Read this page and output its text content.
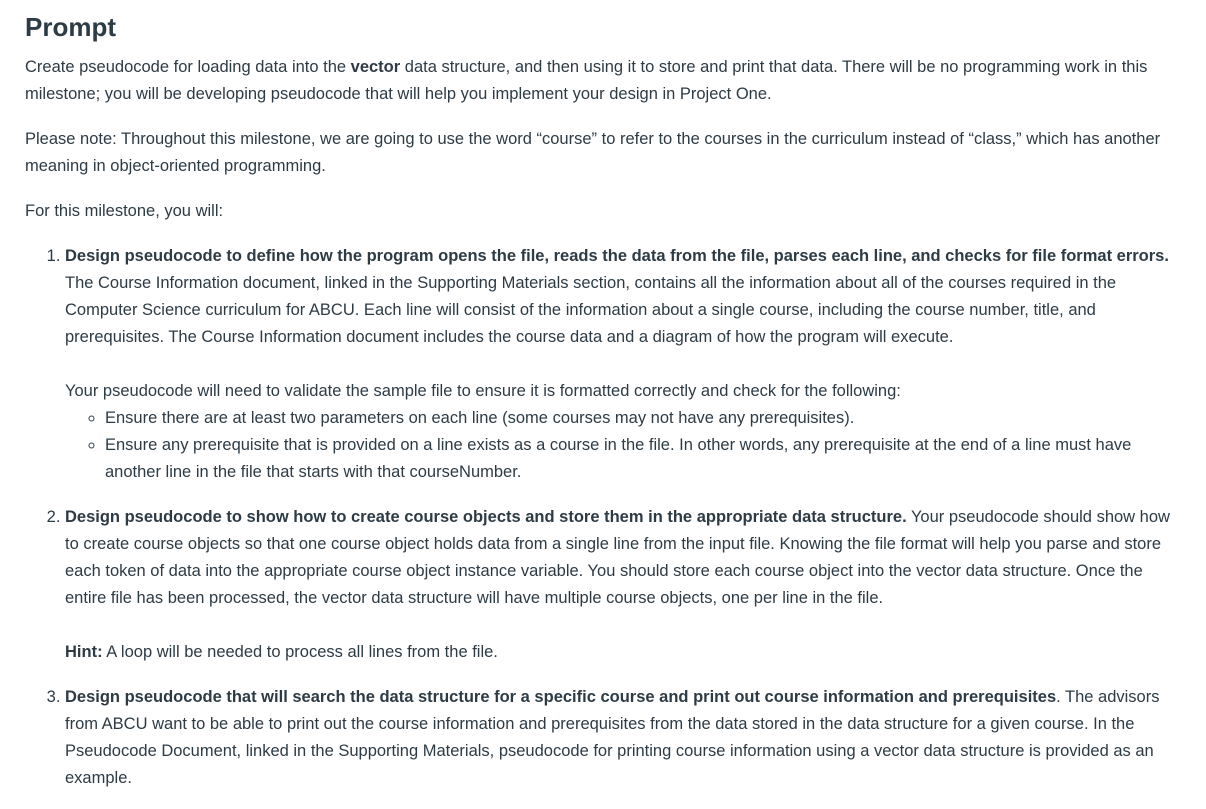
Prompt

Create pseudocode for loading data into the vector data structure, and then using it to store and print that data. There will be no programming work in this milestone; you will be developing pseudocode that will help you implement your design in Project One.

Please note: Throughout this milestone, we are going to use the word “course” to refer to the courses in the curriculum instead of “class,” which has another meaning in object-oriented programming.

For this milestone, you will:

1. Design pseudocode to define how the program opens the file, reads the data from the file, parses each line, and checks for file format errors. The Course Information document, linked in the Supporting Materials section, contains all the information about all of the courses required in the Computer Science curriculum for ABCU. Each line will consist of the information about a single course, including the course number, title, and prerequisites. The Course Information document includes the course data and a diagram of how the program will execute.

Your pseudocode will need to validate the sample file to ensure it is formatted correctly and check for the following:

◦ Ensure there are at least two parameters on each line (some courses may not have any prerequisites).
◦ Ensure any prerequisite that is provided on a line exists as a course in the file. In other words, any prerequisite at the end of a line must have another line in the file that starts with that courseNumber.

2. Design pseudocode to show how to create course objects and store them in the appropriate data structure. Your pseudocode should show how to create course objects so that one course object holds data from a single line from the input file. Knowing the file format will help you parse and store each token of data into the appropriate course object instance variable. You should store each course object into the vector data structure. Once the entire file has been processed, the vector data structure will have multiple course objects, one per line in the file.

Hint: A loop will be needed to process all lines from the file.

3. Design pseudocode that will search the data structure for a specific course and print out course information and prerequisites. The advisors from ABCU want to be able to print out the course information and prerequisites from the data stored in the data structure for a given course. In the Pseudocode Document, linked in the Supporting Materials, pseudocode for printing course information using a vector data structure is provided as an example.
